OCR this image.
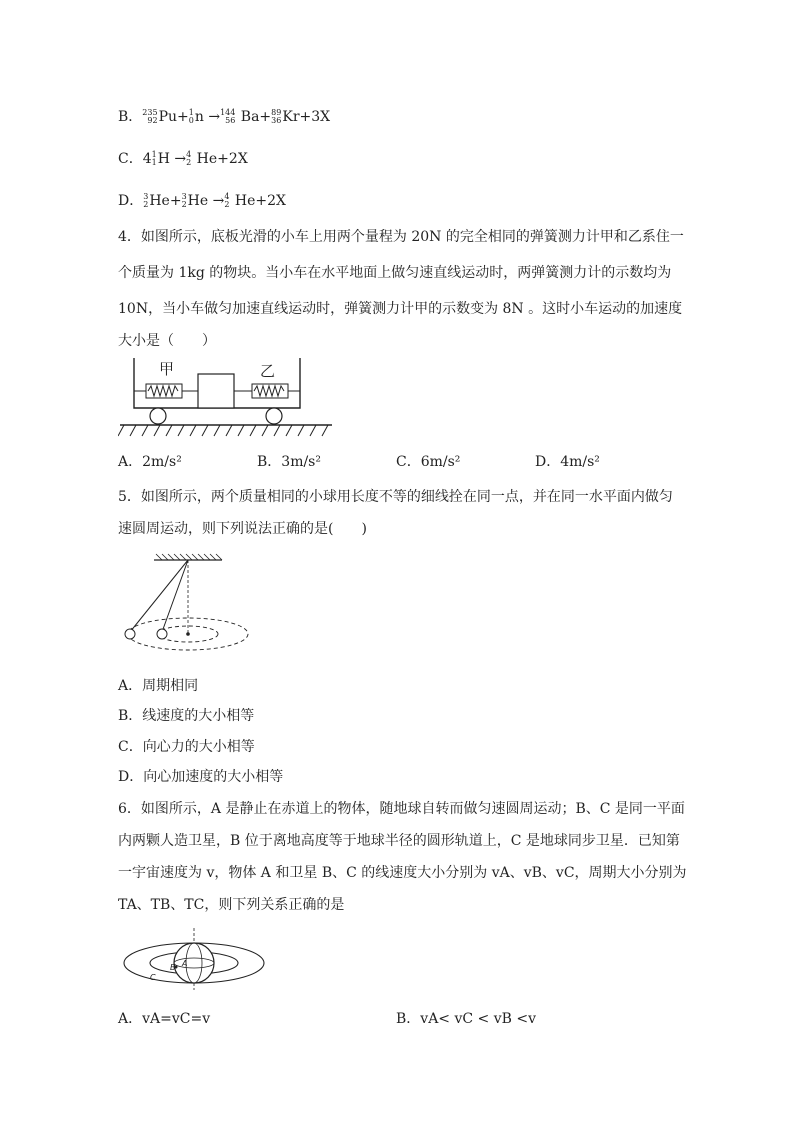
B． 235
92 Pu+ 1
0 n → 144
56 Ba+ 89
36 Kr+3X
C．4 1
1 H → 4
2 He+2X
D． 3
2 He+ 3
2 He → 4
2 He+2X
4．如图所示，底板光滑的小车上用两个量程为 20N 的完全相同的弹簧测力计甲和乙系住一
个质量为 1kg 的物块。当小车在水平地面上做匀速直线运动时，两弹簧测力计的示数均为
10N，当小车做匀加速直线运动时，弹簧测力计甲的示数变为 8N 。这时小车运动的加速度
大小是（　　）
甲	乙
A．2m/s²	B．3m/s²	C．6m/s²	D．4m/s²
5．如图所示，两个质量相同的小球用长度不等的细线拴在同一点，并在同一水平面内做匀
速圆周运动，则下列说法正确的是(　　)
A．周期相同
B．线速度的大小相等
C．向心力的大小相等
D．向心加速度的大小相等
6．如图所示，A 是静止在赤道上的物体，随地球自转而做匀速圆周运动；B、C 是同一平面
内两颗人造卫星，B 位于离地高度等于地球半径的圆形轨道上，C 是地球同步卫星．已知第
一宇宙速度为 v，物体 A 和卫星 B、C 的线速度大小分别为 vA、vB、vC，周期大小分别为
TA、TB、TC，则下列关系正确的是
A
B
C
A．vA=vC=v	B．vA< vC < vB <v
